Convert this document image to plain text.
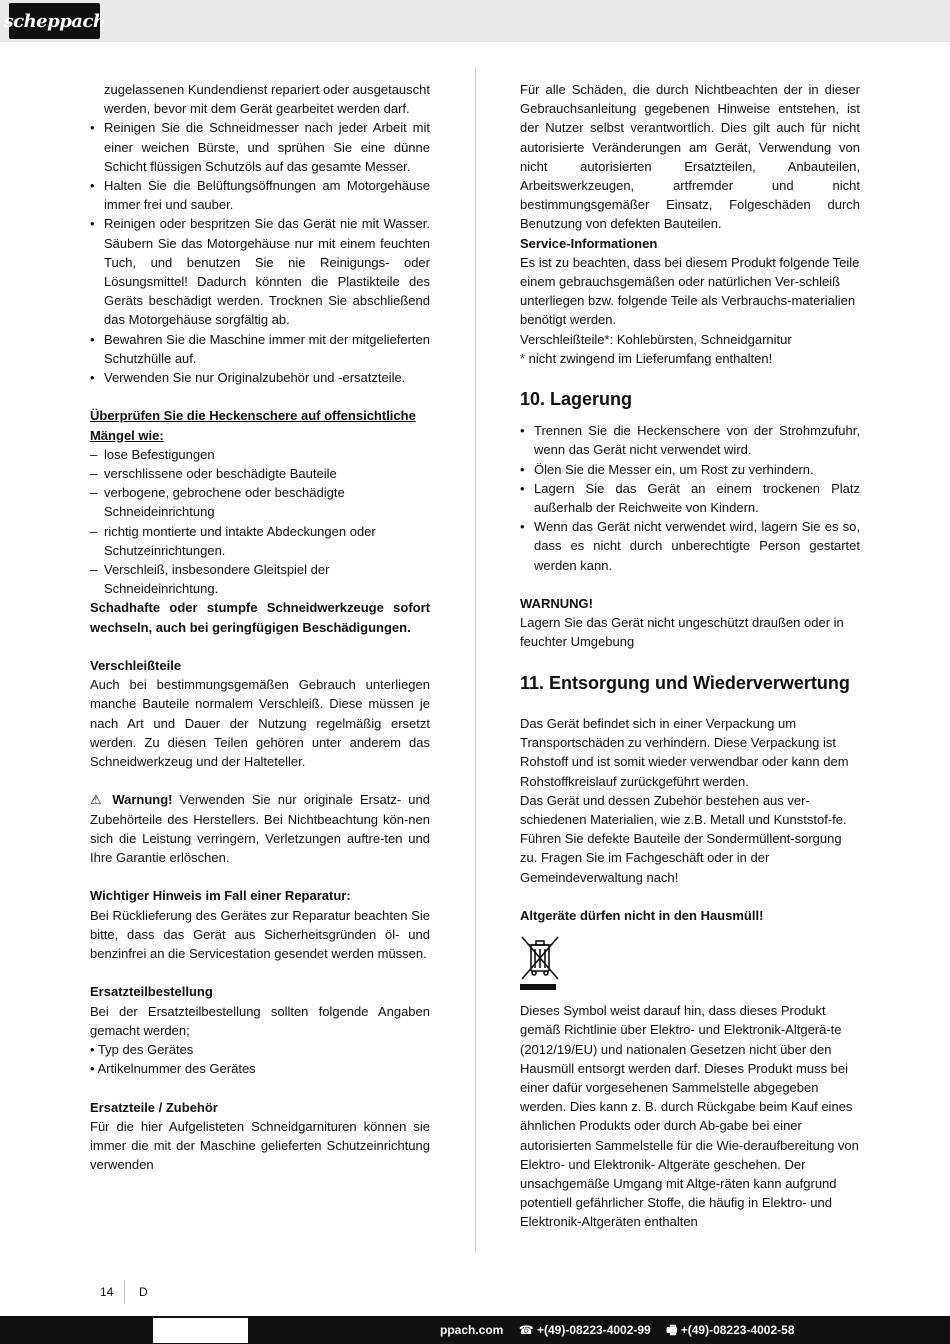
scheppach

zugelassenen Kundendienst repariert oder ausgetauscht werden, bevor mit dem Gerät gearbeitet werden darf.

• Reinigen Sie die Schneidmesser nach jeder Arbeit mit einer weichen Bürste, und sprühen Sie eine dünne Schicht flüssigen Schutzöls auf das gesamte Messer.
• Halten Sie die Belüftungsöffnungen am Motorgehäuse immer frei und sauber.
• Reinigen oder bespritzen Sie das Gerät nie mit Wasser. Säubern Sie das Motorgehäuse nur mit einem feuchten Tuch, und benutzen Sie nie Reinigungs- oder Lösungsmittel! Dadurch könnten die Plastikteile des Geräts beschädigt werden. Trocknen Sie abschließend das Motorgehäuse sorgfältig ab.
• Bewahren Sie die Maschine immer mit der mitgelieferten Schutzhülle auf.
• Verwenden Sie nur Originalzubehör und -ersatzteile.

Überprüfen Sie die Heckenschere auf offensichtliche Mängel wie:

– lose Befestigungen
– verschlissene oder beschädigte Bauteile
– verbogene, gebrochene oder beschädigte Schneideinrichtung
– richtig montierte und intakte Abdeckungen oder Schutzeinrichtungen.
– Verschleiß, insbesondere Gleitspiel der Schneideinrichtung.

Schadhafte oder stumpfe Schneidwerkzeuge sofort wechseln, auch bei geringfügigen Beschädigungen.

Verschleißteile

Auch bei bestimmungsgemäßen Gebrauch unterliegen manche Bauteile normalem Verschleiß. Diese müssen je nach Art und Dauer der Nutzung regelmäßig ersetzt werden. Zu diesen Teilen gehören unter anderem das Schneidwerkzeug und der Halteteller.

⚠ Warnung! Verwenden Sie nur originale Ersatz- und Zubehörteile des Herstellers. Bei Nichtbeachtung kön-nen sich die Leistung verringern, Verletzungen auftre-ten und Ihre Garantie erlöschen.

Wichtiger Hinweis im Fall einer Reparatur:

Bei Rücklieferung des Gerätes zur Reparatur beachten Sie bitte, dass das Gerät aus Sicherheitsgründen öl- und benzinfrei an die Servicestation gesendet werden müssen.

Ersatzteilbestellung

Bei der Ersatzteilbestellung sollten folgende Angaben gemacht werden;

• Typ des Gerätes

• Artikelnummer des Gerätes

Ersatzteile / Zubehör

Für die hier Aufgelisteten Schneidgarnituren können sie immer die mit der Maschine gelieferten Schutzeinrichtung verwenden

Für alle Schäden, die durch Nichtbeachten der in dieser Gebrauchsanleitung gegebenen Hinweise entstehen, ist der Nutzer selbst verantwortlich. Dies gilt auch für nicht autorisierte Veränderungen am Gerät, Verwendung von nicht autorisierten Ersatzteilen, Anbauteilen, Arbeitswerkzeugen, artfremder und nicht bestimmungsgemäßer Einsatz, Folgeschäden durch Benutzung von defekten Bauteilen.

Service-Informationen

Es ist zu beachten, dass bei diesem Produkt folgende Teile einem gebrauchsgemäßen oder natürlichen Ver-schleiß unterliegen bzw. folgende Teile als Verbrauchs-materialien benötigt werden.

Verschleißteile*: Kohlebürsten, Schneidgarnitur

* nicht zwingend im Lieferumfang enthalten!

10. Lagerung
• Trennen Sie die Heckenschere von der Strohmzufuhr, wenn das Gerät nicht verwendet wird.
• Ölen Sie die Messer ein, um Rost zu verhindern.
• Lagern Sie das Gerät an einem trockenen Platz außerhalb der Reichweite von Kindern.
• Wenn das Gerät nicht verwendet wird, lagern Sie es so, dass es nicht durch unberechtigte Person gestartet werden kann.

WARNUNG!

Lagern Sie das Gerät nicht ungeschützt draußen oder in feuchter Umgebung

11. Entsorgung und Wiederverwertung

Das Gerät befindet sich in einer Verpackung um Transportschäden zu verhindern. Diese Verpackung ist Rohstoff und ist somit wieder verwendbar oder kann dem Rohstoffkreislauf zurückgeführt werden.

Das Gerät und dessen Zubehör bestehen aus ver-schiedenen Materialien, wie z.B. Metall und Kunststof-fe. Führen Sie defekte Bauteile der Sondermüllent-sorgung zu. Fragen Sie im Fachgeschäft oder in der Gemeindeverwaltung nach!

Altgeräte dürfen nicht in den Hausmüll!

Dieses Symbol weist darauf hin, dass dieses Produkt gemäß Richtlinie über Elektro- und Elektronik-Altgerä-te (2012/19/EU) und nationalen Gesetzen nicht über den Hausmüll entsorgt werden darf. Dieses Produkt muss bei einer dafür vorgesehenen Sammelstelle abgegeben werden. Dies kann z. B. durch Rückgabe beim Kauf eines ähnlichen Produkts oder durch Ab-gabe bei einer autorisierten Sammelstelle für die Wie-deraufbereitung von Elektro- und Elektronik- Altgeräte geschehen. Der unsachgemäße Umgang mit Altge-räten kann aufgrund potentiell gefährlicher Stoffe, die häufig in Elektro- und Elektronik-Altgeräten enthalten

14 D
ppach.com ☎ +(49)-08223-4002-99 🖷 +(49)-08223-4002-58
